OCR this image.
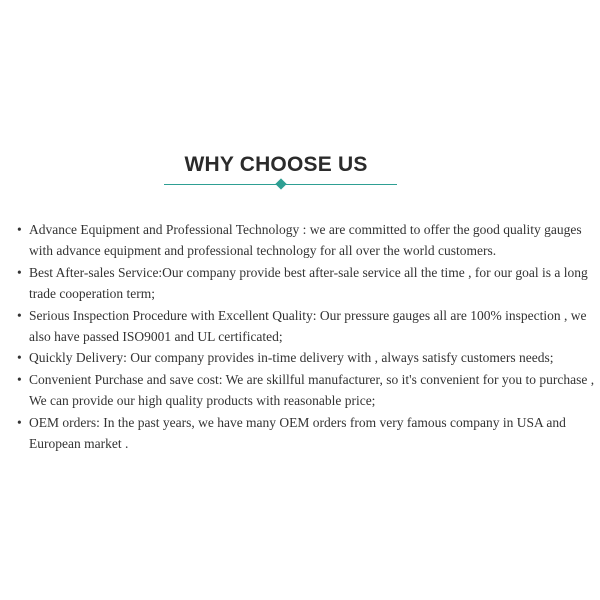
WHY CHOOSE US
• Advance Equipment and Professional Technology : we are committed to offer the good quality gauges with advance equipment and professional technology for all over the world customers.
• Best After-sales Service:Our company provide best after-sale service all the time , for our goal is a long trade cooperation term;
• Serious Inspection Procedure with Excellent Quality: Our pressure gauges all are 100% inspection , we also have passed ISO9001 and UL certificated;
• Quickly Delivery: Our company provides in-time delivery with , always satisfy customers needs;
• Convenient Purchase and save cost: We are skillful manufacturer, so it's convenient for you to purchase , We can provide our high quality products with reasonable price;
• OEM orders: In the past years, we have many OEM orders from very famous company in USA and European market .
